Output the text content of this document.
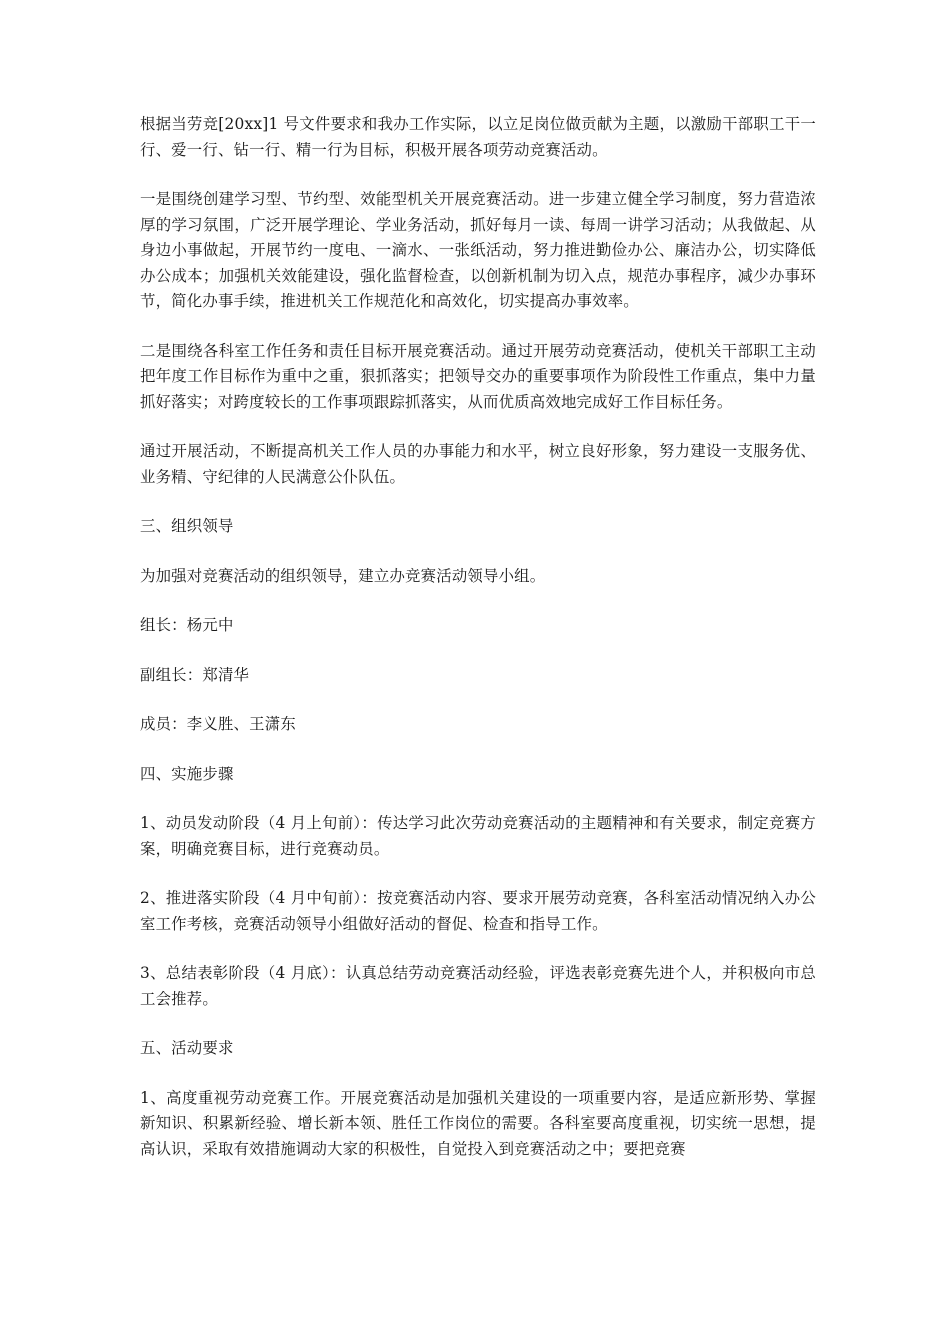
根据当劳竞[20xx]1 号文件要求和我办工作实际，以立足岗位做贡献为主题，以激励干部职工干一行、爱一行、钻一行、精一行为目标，积极开展各项劳动竞赛活动。

一是围绕创建学习型、节约型、效能型机关开展竞赛活动。进一步建立健全学习制度，努力营造浓厚的学习氛围，广泛开展学理论、学业务活动，抓好每月一读、每周一讲学习活动；从我做起、从身边小事做起，开展节约一度电、一滴水、一张纸活动，努力推进勤俭办公、廉洁办公，切实降低办公成本；加强机关效能建设，强化监督检查，以创新机制为切入点，规范办事程序，减少办事环节，简化办事手续，推进机关工作规范化和高效化，切实提高办事效率。

二是围绕各科室工作任务和责任目标开展竞赛活动。通过开展劳动竞赛活动，使机关干部职工主动把年度工作目标作为重中之重，狠抓落实；把领导交办的重要事项作为阶段性工作重点，集中力量抓好落实；对跨度较长的工作事项跟踪抓落实，从而优质高效地完成好工作目标任务。

通过开展活动，不断提高机关工作人员的办事能力和水平，树立良好形象，努力建设一支服务优、业务精、守纪律的人民满意公仆队伍。

三、组织领导

为加强对竞赛活动的组织领导，建立办竞赛活动领导小组。

组长：杨元中

副组长：郑清华

成员：李义胜、王潇东

四、实施步骤

1、动员发动阶段（4 月上旬前）：传达学习此次劳动竞赛活动的主题精神和有关要求，制定竞赛方案，明确竞赛目标，进行竞赛动员。

2、推进落实阶段（4 月中旬前）：按竞赛活动内容、要求开展劳动竞赛，各科室活动情况纳入办公室工作考核，竞赛活动领导小组做好活动的督促、检查和指导工作。

3、总结表彰阶段（4 月底）：认真总结劳动竞赛活动经验，评选表彰竞赛先进个人，并积极向市总工会推荐。

五、活动要求

1、高度重视劳动竞赛工作。开展竞赛活动是加强机关建设的一项重要内容，是适应新形势、掌握新知识、积累新经验、增长新本领、胜任工作岗位的需要。各科室要高度重视，切实统一思想，提高认识，采取有效措施调动大家的积极性，自觉投入到竞赛活动之中；要把竞赛
